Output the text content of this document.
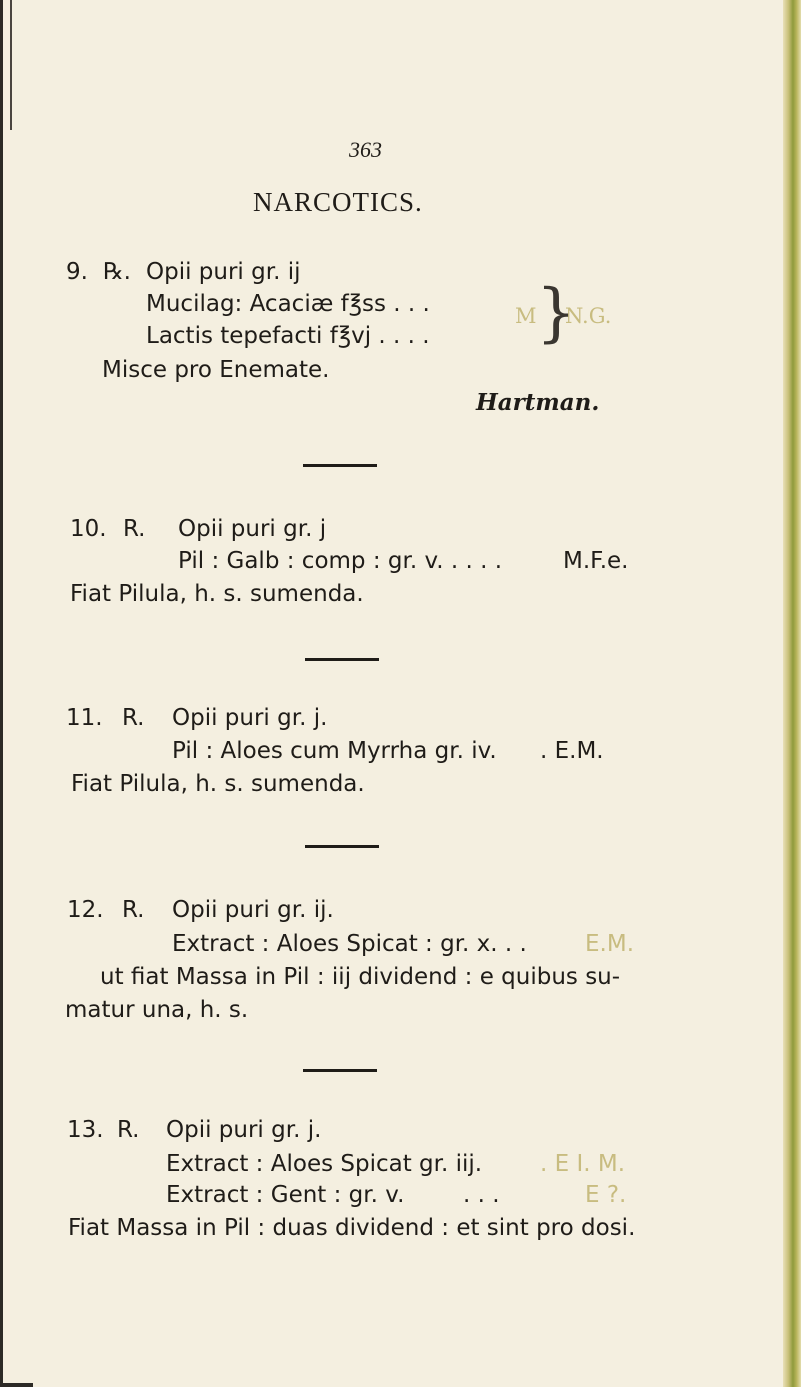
363
NARCOTICS.
9. ℞. Opii puri gr. ij
Mucilag: Acaciæ f℥ss . . .
Lactis tepefacti f℥vj . . . .
Misce pro Enemate.
M }
N.G.
Hartman.
10. R. Opii puri gr. j
Pil : Galb : comp : gr. v. . . . .	M.F.e.
Fiat Pilula, h. s. sumenda.
11. R. Opii puri gr. j.
Pil : Aloes cum Myrrha gr. iv. . E.M.
Fiat Pilula, h. s. sumenda.
12. R. Opii puri gr. ij.
Extract : Aloes Spicat : gr. x. . .	E.M.
ut fiat Massa in Pil : iij dividend : e quibus su-
matur una, h. s.
13. R. Opii puri gr. j.
Extract : Aloes Spicat gr. iij.	. E I. M.
Extract : Gent : gr. v.	. . .	E ?.
Fiat Massa in Pil : duas dividend : et sint pro dosi.
